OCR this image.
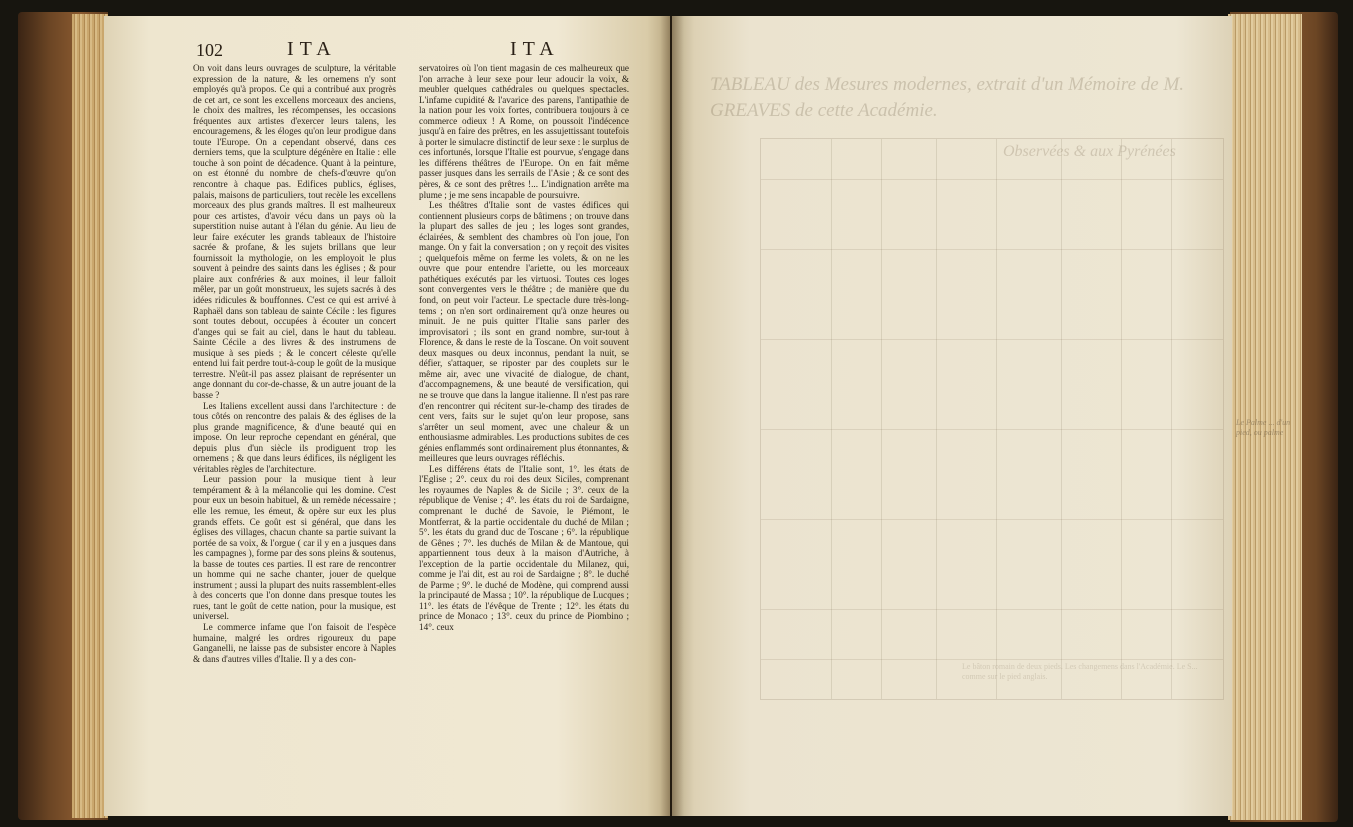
102	ITA	ITA

On voit dans leurs ouvrages de sculpture, la véritable expression de la nature, & les ornemens n'y sont employés qu'à propos. Ce qui a contribué aux progrès de cet art, ce sont les excellens morceaux des anciens, le choix des maîtres, les récompenses, les occasions fréquentes aux artistes d'exercer leurs talens, les encouragemens, & les éloges qu'on leur prodigue dans toute l'Europe. On a cependant observé, dans ces derniers tems, que la sculpture dégénère en Italie : elle touche à son point de décadence. Quant à la peinture, on est étonné du nombre de chefs-d'œuvre qu'on rencontre à chaque pas. Edifices publics, églises, palais, maisons de particuliers, tout recèle les excellens morceaux des plus grands maîtres. Il est malheureux pour ces artistes, d'avoir vécu dans un pays où la superstition nuise autant à l'élan du génie. Au lieu de leur faire exécuter les grands tableaux de l'histoire sacrée & profane, & les sujets brillans que leur fournissoit la mythologie, on les employoit le plus souvent à peindre des saints dans les églises ; & pour plaire aux confréries & aux moines, il leur falloit mêler, par un goût monstrueux, les sujets sacrés à des idées ridicules & bouffonnes. C'est ce qui est arrivé à Raphaël dans son tableau de sainte Cécile : les figures sont toutes debout, occupées à écouter un concert d'anges qui se fait au ciel, dans le haut du tableau. Sainte Cécile a des livres & des instrumens de musique à ses pieds ; & le concert céleste qu'elle entend lui fait perdre tout-à-coup le goût de la musique terrestre. N'eût-il pas assez plaisant de représenter un ange donnant du cor-de-chasse, & un autre jouant de la basse ?

Les Italiens excellent aussi dans l'architecture : de tous côtés on rencontre des palais & des églises de la plus grande magnificence, & d'une beauté qui en impose. On leur reproche cependant en général, que depuis plus d'un siècle ils prodiguent trop les ornemens ; & que dans leurs édifices, ils négligent les véritables règles de l'architecture.

Leur passion pour la musique tient à leur tempérament & à la mélancolie qui les domine. C'est pour eux un besoin habituel, & un remède nécessaire ; elle les remue, les émeut, & opère sur eux les plus grands effets. Ce goût est si général, que dans les églises des villages, chacun chante sa partie suivant la portée de sa voix, & l'orgue ( car il y en a jusques dans les campagnes ), forme par des sons pleins & soutenus, la basse de toutes ces parties. Il est rare de rencontrer un homme qui ne sache chanter, jouer de quelque instrument ; aussi la plupart des nuits rassemblent-elles à des concerts que l'on donne dans presque toutes les rues, tant le goût de cette nation, pour la musique, est universel.

Le commerce infame que l'on faisoit de l'espèce humaine, malgré les ordres rigoureux du pape Ganganelli, ne laisse pas de subsister encore à Naples & dans d'autres villes d'Italie. Il y a des con-

servatoires où l'on tient magasin de ces malheureux que l'on arrache à leur sexe pour leur adoucir la voix, & meubler quelques cathédrales ou quelques spectacles. L'infame cupidité & l'avarice des parens, l'antipathie de la nation pour les voix fortes, contribuera toujours à ce commerce odieux ! A Rome, on poussoit l'indécence jusqu'à en faire des prêtres, en les assujettissant toutefois à porter le simulacre distinctif de leur sexe : le surplus de ces infortunés, lorsque l'Italie est pourvue, s'engage dans les différens théâtres de l'Europe. On en fait même passer jusques dans les serrails de l'Asie ; & ce sont des pères, & ce sont des prêtres !... L'indignation arrête ma plume ; je me sens incapable de poursuivre.

Les théâtres d'Italie sont de vastes édifices qui contiennent plusieurs corps de bâtimens ; on trouve dans la plupart des salles de jeu ; les loges sont grandes, éclairées, & semblent des chambres où l'on joue, l'on mange. On y fait la conversation ; on y reçoit des visites ; quelquefois même on ferme les volets, & on ne les ouvre que pour entendre l'ariette, ou les morceaux pathétiques exécutés par les virtuosi. Toutes ces loges sont convergentes vers le théâtre ; de manière que du fond, on peut voir l'acteur. Le spectacle dure très-long-tems ; on n'en sort ordinairement qu'à onze heures ou minuit. Je ne puis quitter l'Italie sans parler des improvisatori ; ils sont en grand nombre, sur-tout à Florence, & dans le reste de la Toscane. On voit souvent deux masques ou deux inconnus, pendant la nuit, se défier, s'attaquer, se riposter par des couplets sur le même air, avec une vivacité de dialogue, de chant, d'accompagnemens, & une beauté de versification, qui ne se trouve que dans la langue italienne. Il n'est pas rare d'en rencontrer qui récitent sur-le-champ des tirades de cent vers, faits sur le sujet qu'on leur propose, sans s'arrêter un seul moment, avec une chaleur & un enthousiasme admirables. Les productions subites de ces génies enflammés sont ordinairement plus étonnantes, & meilleures que leurs ouvrages réfléchis.

Les différens états de l'Italie sont, 1°. les états de l'Eglise ; 2°. ceux du roi des deux Siciles, comprenant les royaumes de Naples & de Sicile ; 3°. ceux de la république de Venise ; 4°. les états du roi de Sardaigne, comprenant le duché de Savoie, le Piémont, le Montferrat, & la partie occidentale du duché de Milan ; 5°. les états du grand duc de Toscane ; 6°. la république de Gênes ; 7°. les duchés de Milan & de Mantoue, qui appartiennent tous deux à la maison d'Autriche, à l'exception de la partie occidentale du Milanez, qui, comme je l'ai dit, est au roi de Sardaigne ; 8°. le duché de Parme ; 9°. le duché de Modène, qui comprend aussi la principauté de Massa ; 10°. la république de Lucques ; 11°. les états de l'évêque de Trente ; 12°. les états du prince de Monaco ; 13°. ceux du prince de Piombino ; 14°. ceux

TABLEAU des Mesures modernes, extrait d'un Mémoire de M. GREAVES de cette Académie.
Observées & aux Pyrénées
Le bâton romain de deux pieds. Les changemens dans l'Académie. Le S... comme sur le pied anglais.
Le Palme ... d'un pied, ou palme
